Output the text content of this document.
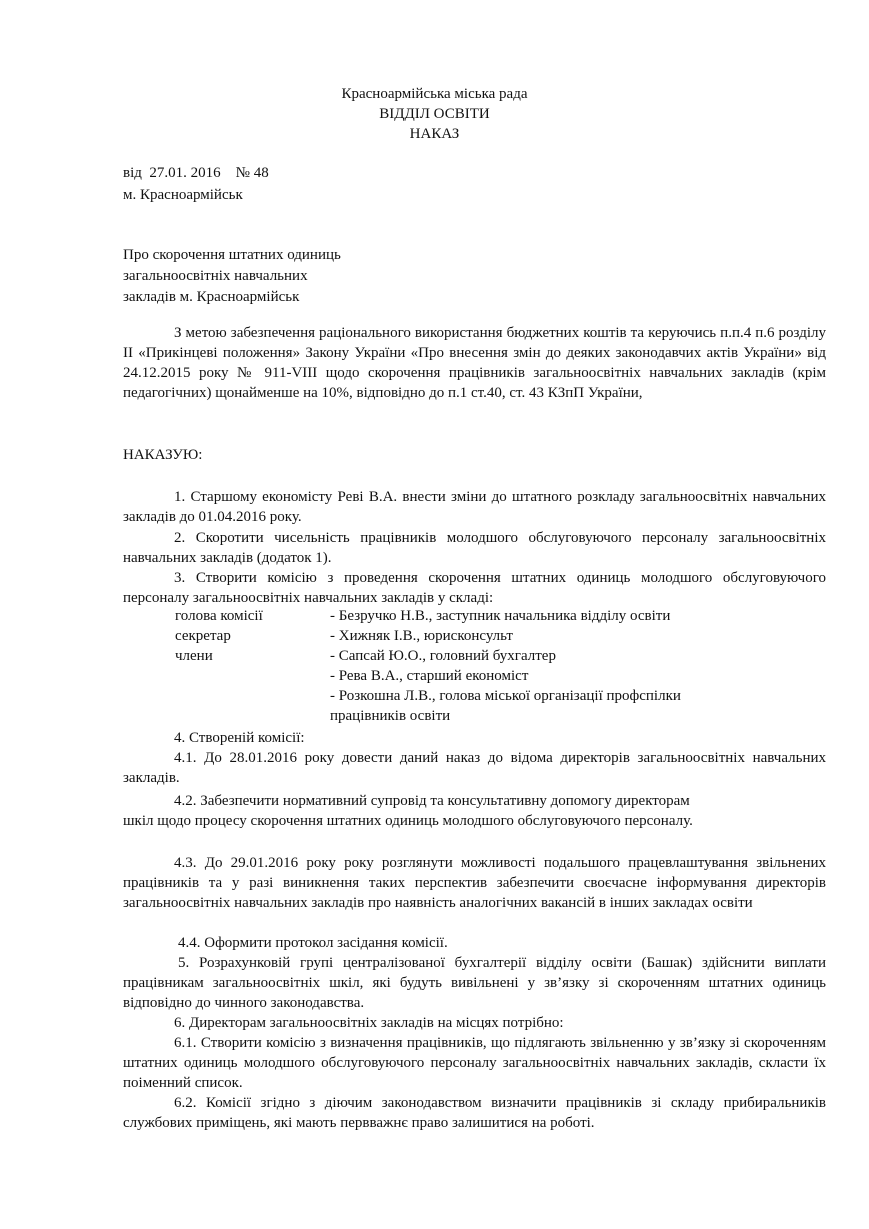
Красноармійська міська рада
ВІДДІЛ ОСВІТИ
НАКАЗ
від  27.01. 2016    № 48
м. Красноармійськ
Про скорочення штатних одиниць
загальноосвітніх навчальних
закладів м. Красноармійськ
З метою забезпечення раціонального використання бюджетних коштів та керуючись п.п.4 п.6 розділу ІІ «Прикінцеві положення» Закону України «Про внесення змін до деяких законодавчих актів України» від 24.12.2015 року № 911-VIII щодо скорочення працівників загальноосвітніх навчальних закладів (крім педагогічних) щонайменше на 10%, відповідно до п.1 ст.40, ст. 43 КЗпП України,
НАКАЗУЮ:
1. Старшому економісту Реві В.А. внести зміни до штатного розкладу загальноосвітніх навчальних закладів до 01.04.2016 року.
2. Скоротити чисельність працівників молодшого обслуговуючого персоналу загальноосвітніх навчальних закладів (додаток 1).
3. Створити комісію з проведення скорочення штатних одиниць молодшого обслуговуючого персоналу загальноосвітніх навчальних закладів у складі:
голова комісії	- Безручко Н.В., заступник начальника відділу освіти
секретар	- Хижняк І.В., юрисконсульт
члени	- Сапсай Ю.О., головний бухгалтер
- Рева В.А., старший економіст
- Розкошна Л.В., голова міської організації профспілки
працівників освіти
4. Створеній комісії:
4.1. До 28.01.2016 року довести даний наказ до відома директорів загальноосвітніх навчальних закладів.
4.2. Забезпечити нормативний супровід та консультативну допомогу директорам
шкіл щодо процесу скорочення штатних одиниць молодшого обслуговуючого персоналу.
4.3. До 29.01.2016 року року розглянути можливості подальшого працевлаштування звільнених працівників та у разі виникнення таких перспектив забезпечити своєчасне інформування директорів загальноосвітніх навчальних закладів про наявність аналогічних вакансій в інших закладах освіти
4.4. Оформити протокол засідання комісії.
5. Розрахунковій групі централізованої бухгалтерії відділу освіти (Башак) здійснити виплати працівникам загальноосвітніх шкіл, які будуть вивільнені у зв’язку зі скороченням штатних одиниць відповідно до чинного законодавства.
6. Директорам загальноосвітніх закладів на місцях потрібно:
6.1. Створити комісію з визначення працівників, що підлягають звільненню у зв’язку зі скороченням штатних одиниць молодшого обслуговуючого персоналу загальноосвітніх навчальних закладів, скласти їх поіменний список.
6.2. Комісії згідно з діючим законодавством визначити працівників зі складу прибиральників службових приміщень, які мають первважнє право залишитися на роботі.
